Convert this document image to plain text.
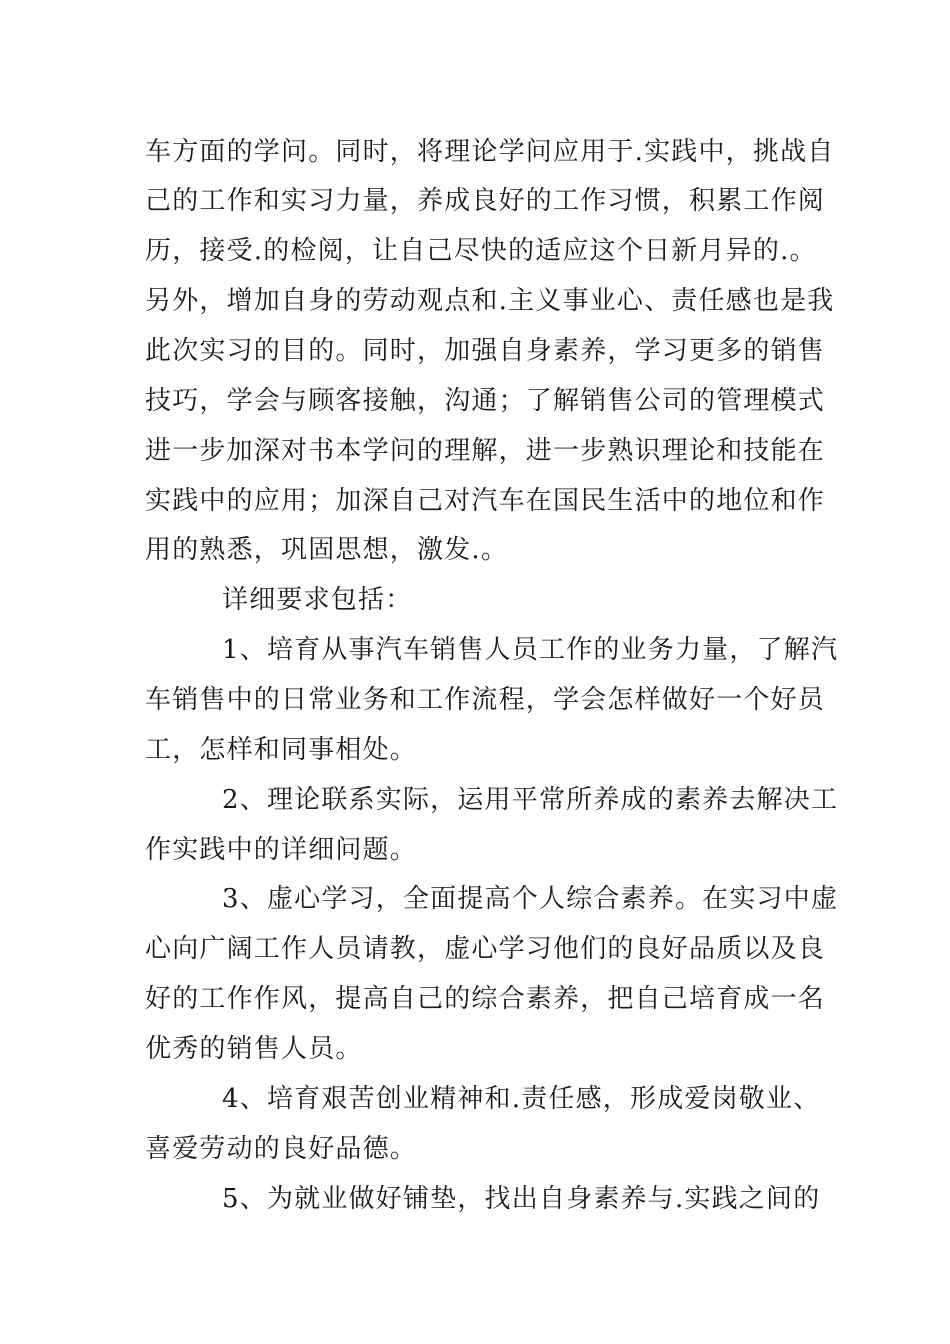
车方面的学问。同时，将理论学问应用于.实践中，挑战自
己的工作和实习力量，养成良好的工作习惯，积累工作阅
历，接受.的检阅，让自己尽快的适应这个日新月异的.。
另外，增加自身的劳动观点和.主义事业心、责任感也是我
此次实习的目的。同时，加强自身素养，学习更多的销售
技巧，学会与顾客接触，沟通；了解销售公司的管理模式
进一步加深对书本学问的理解，进一步熟识理论和技能在
实践中的应用；加深自己对汽车在国民生活中的地位和作
用的熟悉，巩固思想，激发.。
详细要求包括：
1、培育从事汽车销售人员工作的业务力量，了解汽
车销售中的日常业务和工作流程，学会怎样做好一个好员
工，怎样和同事相处。
2、理论联系实际，运用平常所养成的素养去解决工
作实践中的详细问题。
3、虚心学习，全面提高个人综合素养。在实习中虚
心向广阔工作人员请教，虚心学习他们的良好品质以及良
好的工作作风，提高自己的综合素养，把自己培育成一名
优秀的销售人员。
4、培育艰苦创业精神和.责任感，形成爱岗敬业、
喜爱劳动的良好品德。
5、为就业做好铺垫，找出自身素养与.实践之间的
